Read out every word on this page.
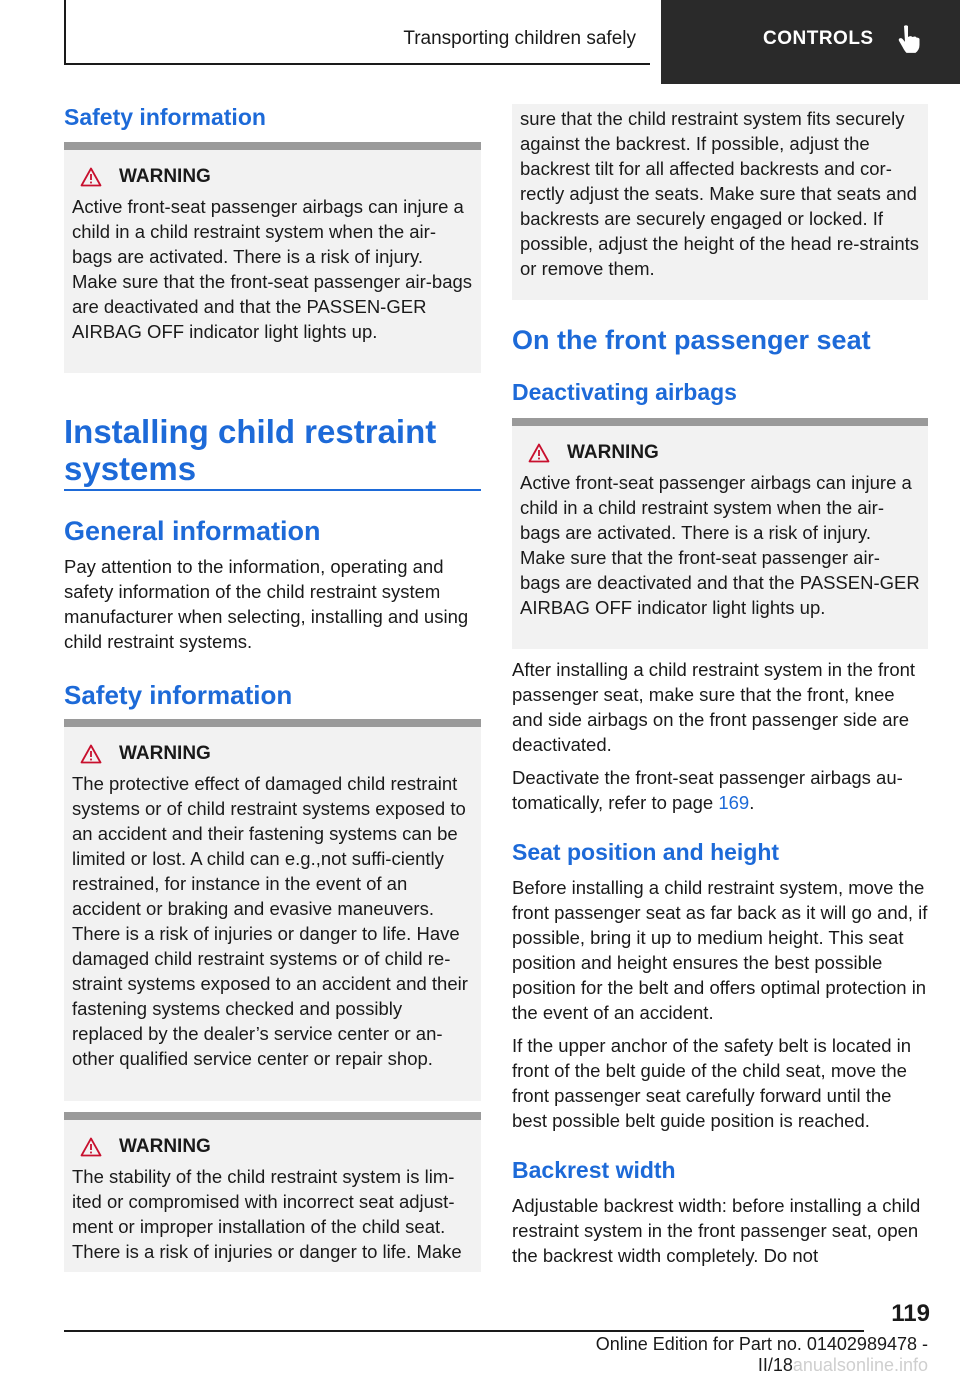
Transporting children safely	CONTROLS
Safety information
WARNING

Active front-seat passenger airbags can injure a child in a child restraint system when the air-bags are activated. There is a risk of injury. Make sure that the front-seat passenger air-bags are deactivated and that the PASSEN-GER AIRBAG OFF indicator light lights up.

Installing child restraint
systems
General information

Pay attention to the information, operating and safety information of the child restraint system manufacturer when selecting, installing and using child restraint systems.

Safety information
WARNING

The protective effect of damaged child restraint systems or of child restraint systems exposed to an accident and their fastening systems can be limited or lost. A child can e.g.,not suffi-ciently restrained, for instance in the event of an accident or braking and evasive maneuvers. There is a risk of injuries or danger to life. Have damaged child restraint systems or of child re-straint systems exposed to an accident and their fastening systems checked and possibly replaced by the dealer’s service center or an-other qualified service center or repair shop.

WARNING

The stability of the child restraint system is lim-ited or compromised with incorrect seat adjust-ment or improper installation of the child seat. There is a risk of injuries or danger to life. Make

sure that the child restraint system fits securely against the backrest. If possible, adjust the backrest tilt for all affected backrests and cor-rectly adjust the seats. Make sure that seats and backrests are securely engaged or locked. If possible, adjust the height of the head re-straints or remove them.

On the front passenger seat
Deactivating airbags
WARNING

Active front-seat passenger airbags can injure a child in a child restraint system when the air-bags are activated. There is a risk of injury. Make sure that the front-seat passenger air-bags are deactivated and that the PASSEN-GER AIRBAG OFF indicator light lights up.

After installing a child restraint system in the front passenger seat, make sure that the front, knee and side airbags on the front passenger side are deactivated.

Deactivate the front-seat passenger airbags au-tomatically, refer to page 169.

Seat position and height

Before installing a child restraint system, move the front passenger seat as far back as it will go and, if possible, bring it up to medium height. This seat position and height ensures the best possible position for the belt and offers optimal protection in the event of an accident.

If the upper anchor of the safety belt is located in front of the belt guide of the child seat, move the front passenger seat carefully forward until the best possible belt guide position is reached.

Backrest width

Adjustable backrest width: before installing a child restraint system in the front passenger seat, open the backrest width completely. Do not

119
Online Edition for Part no. 01402989478 - II/18anualsonline.info
